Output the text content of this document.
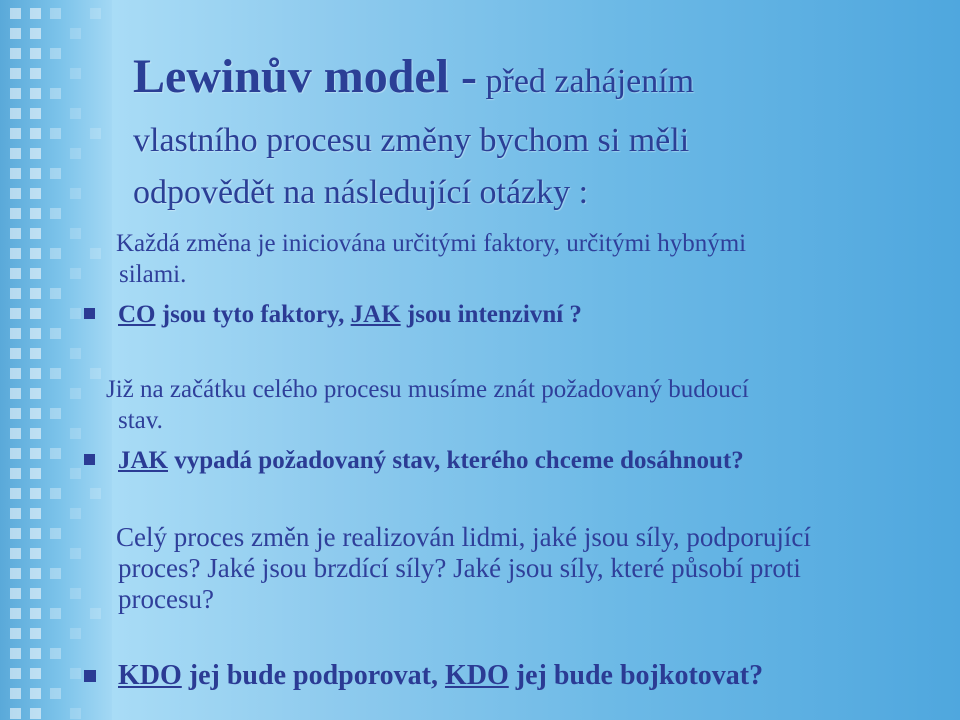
Lewinův model - před zahájením
vlastního procesu změny bychom si měli
odpovědět na následující otázky :

Každá změna je iniciována určitými faktory, určitými hybnými

silami.

CO jsou tyto faktory, JAK jsou intenzivní ?

Již na začátku celého procesu musíme znát požadovaný budoucí

stav.

JAK vypadá požadovaný stav, kterého chceme dosáhnout?

Celý proces změn je realizován lidmi, jaké jsou síly, podporující

proces? Jaké jsou brzdící síly? Jaké jsou síly, které působí proti

procesu?

KDO jej bude podporovat, KDO jej bude bojkotovat?
